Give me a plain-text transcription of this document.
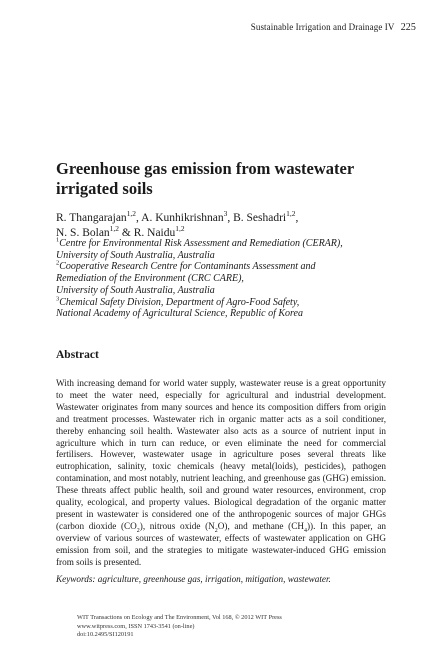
Sustainable Irrigation and Drainage IV 225
Greenhouse gas emission from wastewater
irrigated soils
R. Thangarajan$^{1,2}$, A. Kunhikrishnan$^3$, B. Seshadri$^{1,2}$,
N. S. Bolan$^{1,2}$ & R. Naidu$^{1,2}$
$^1$Centre for Environmental Risk Assessment and Remediation (CERAR),
University of South Australia, Australia
$^2$Cooperative Research Centre for Contaminants Assessment and
Remediation of the Environment (CRC CARE),
University of South Australia, Australia
$^3$Chemical Safety Division, Department of Agro-Food Safety,
National Academy of Agricultural Science, Republic of Korea
Abstract
With increasing demand for world water supply, wastewater reuse is a great opportunity to meet the water need, especially for agricultural and industrial development. Wastewater originates from many sources and hence its composition differs from origin and treatment processes. Wastewater rich in organic matter acts as a soil conditioner, thereby enhancing soil health. Wastewater also acts as a source of nutrient input in agriculture which in turn can reduce, or even eliminate the need for commercial fertilisers. However, wastewater usage in agriculture poses several threats like eutrophication, salinity, toxic chemicals (heavy metal(loids), pesticides), pathogen contamination, and most notably, nutrient leaching, and greenhouse gas (GHG) emission. These threats affect public health, soil and ground water resources, environment, crop quality, ecological, and property values. Biological degradation of the organic matter present in wastewater is considered one of the anthropogenic sources of major GHGs (carbon dioxide $(CO_2)$, nitrous oxide $(N_2O)$, and methane $(CH_4)$). In this paper, an overview of various sources of wastewater, effects of wastewater application on GHG emission from soil, and the strategies to mitigate wastewater-induced GHG emission from soils is presented.
Keywords: agriculture, greenhouse gas, irrigation, mitigation, wastewater.
WIT Transactions on Ecology and The Environment, Vol 168, © 2012 WIT Press
www.witpress.com, ISSN 1743-3541 (on-line)
doi:10.2495/SI120191
